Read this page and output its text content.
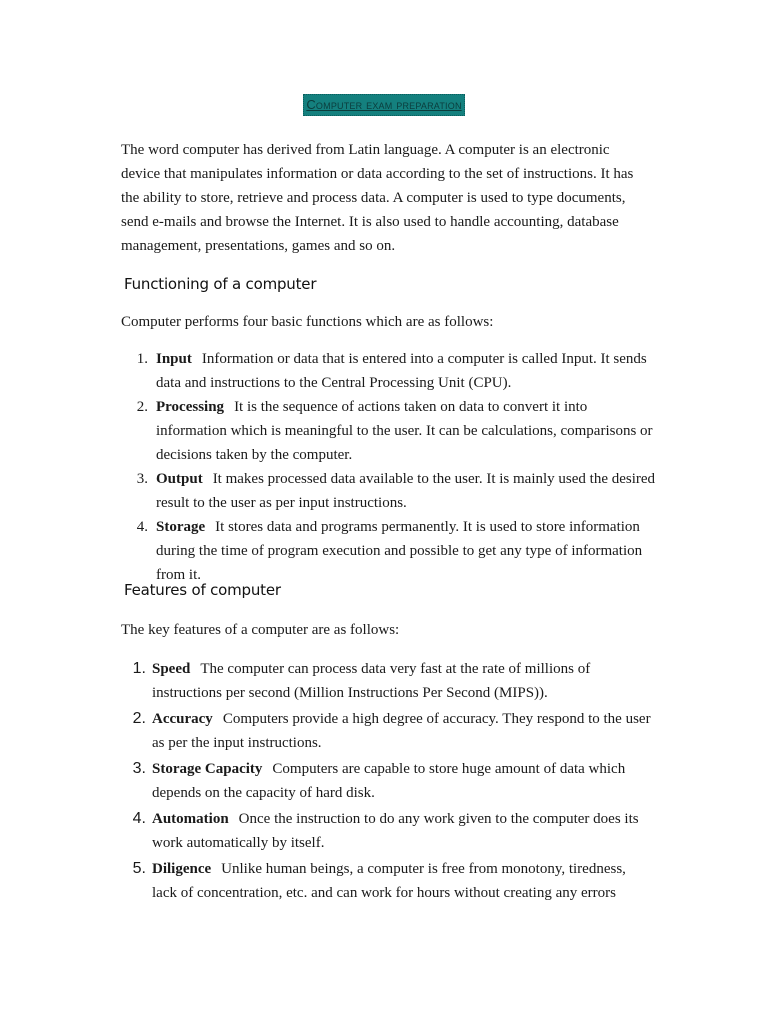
Computer exam preparation

The word computer has derived from Latin language. A computer is an electronic device that manipulates information or data according to the set of instructions. It has the ability to store, retrieve and process data. A computer is used to type documents, send e-mails and browse the Internet. It is also used to handle accounting, database management, presentations, games and so on.

Functioning of a computer

Computer performs four basic functions which are as follows:

1. Input Information or data that is entered into a computer is called Input. It sends data and instructions to the Central Processing Unit (CPU).
2. Processing It is the sequence of actions taken on data to convert it into information which is meaningful to the user. It can be calculations, comparisons or decisions taken by the computer.
3. Output It makes processed data available to the user. It is mainly used the desired result to the user as per input instructions.
4. Storage It stores data and programs permanently. It is used to store information during the time of program execution and possible to get any type of information from it.
Features of computer

The key features of a computer are as follows:

1. Speed The computer can process data very fast at the rate of millions of instructions per second (Million Instructions Per Second (MIPS)).
2. Accuracy Computers provide a high degree of accuracy. They respond to the user as per the input instructions.
3. Storage Capacity Computers are capable to store huge amount of data which depends on the capacity of hard disk.
4. Automation Once the instruction to do any work given to the computer does its work automatically by itself.
5. Diligence Unlike human beings, a computer is free from monotony, tiredness, lack of concentration, etc. and can work for hours without creating any errors
